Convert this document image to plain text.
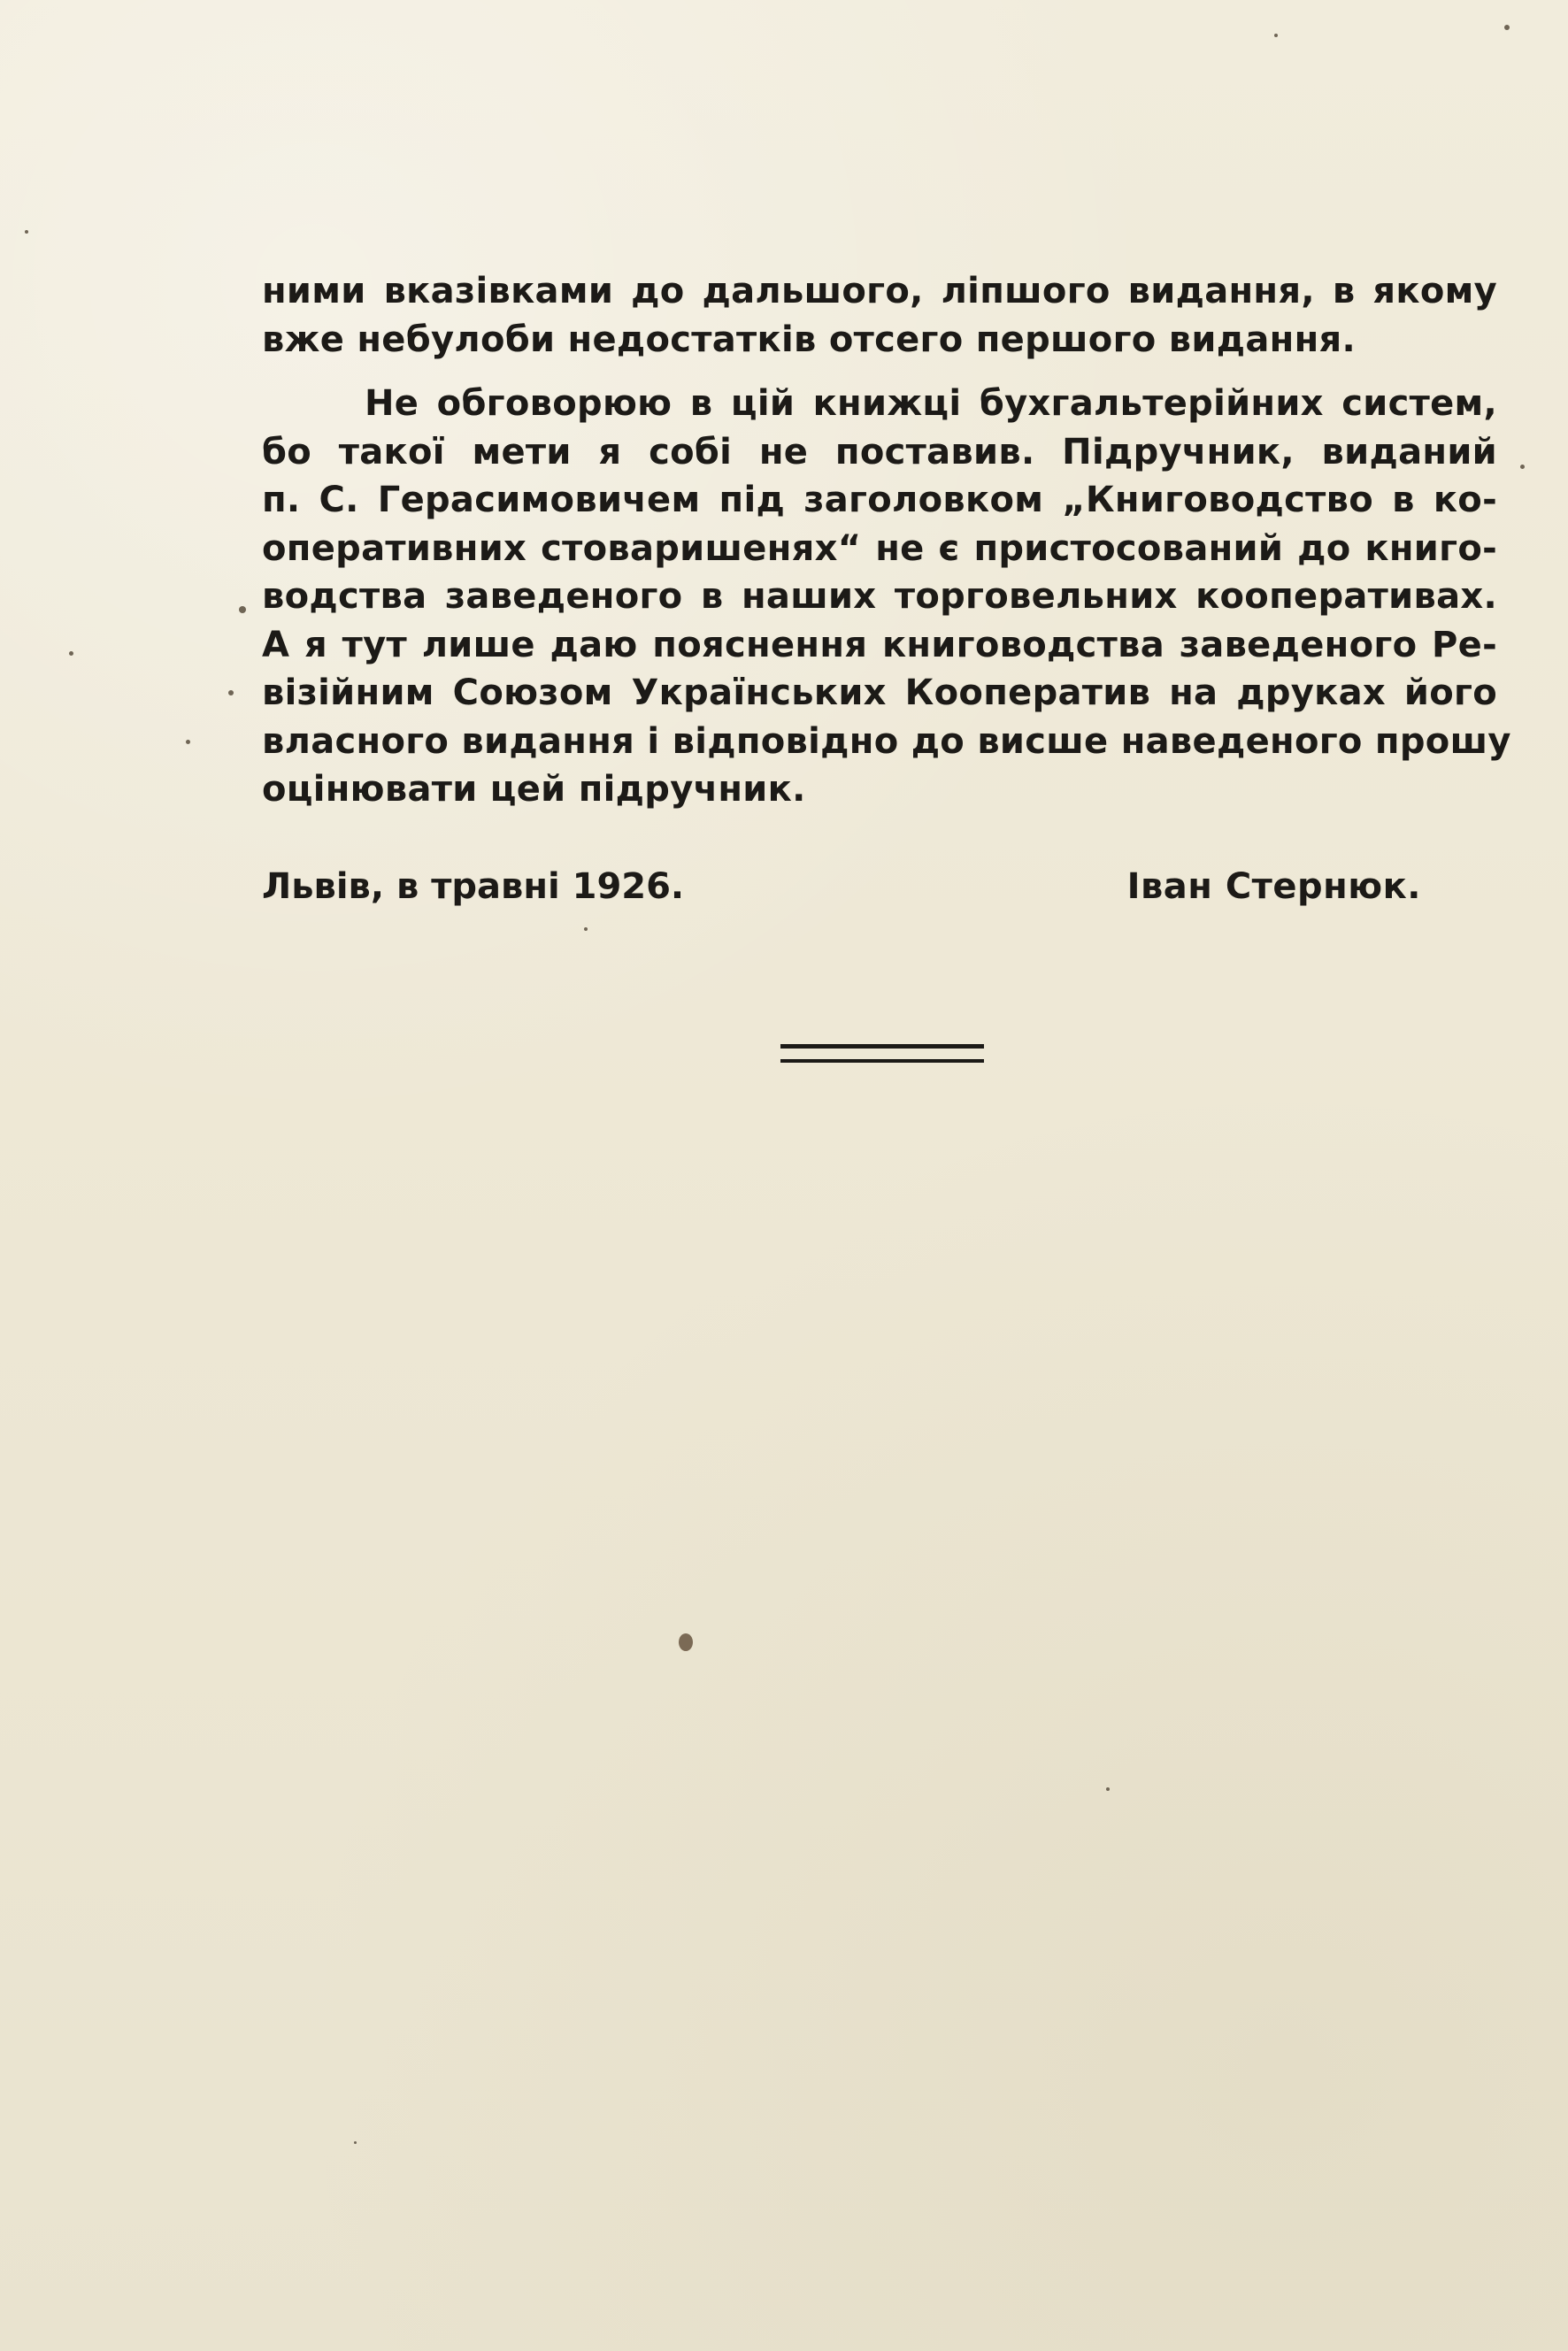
ними вказівками до дальшого, ліпшого видання, в якому
вже небулоби недостатків отсего першого видання.
Не обговорюю в цій книжці бухгальтерійних систем,
бо такої мети я собі не поставив. Підручник, виданий
п. С. Герасимовичем під заголовком „Книговодство в ко-
оперативних стоваришенях“ не є пристосований до книго-
водства заведеного в наших торговельних кооперативах.
А я тут лише даю пояснення книговодства заведеного Ре-
візійним Союзом Українських Кооператив на друках його
власного видання і відповідно до висше наведеного прошу
оцінювати цей підручник.
Львів, в травні 1926.	Іван Стернюк.
